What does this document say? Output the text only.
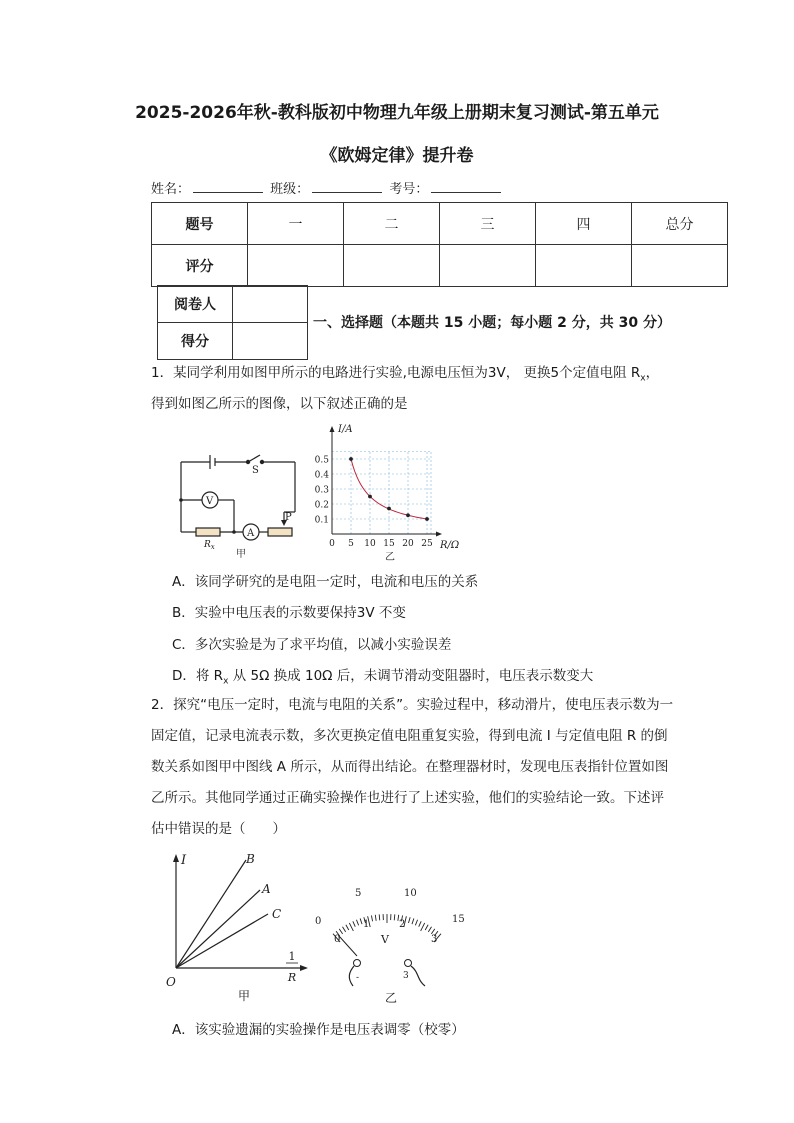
2025-2026年秋-教科版初中物理九年级上册期末复习测试-第五单元
《欧姆定律》提升卷
姓名：	班级：	考号：
题号	一	二	三	四	总分
评分					
阅卷人	
得分	
一、选择题（本题共 15 小题；每小题 2 分，共 30 分）
1．某同学利用如图甲所示的电路进行实验,电源电压恒为3V， 更换5个定值电阻 $R_x$，
得到如图乙所示的图像，以下叙述正确的是
S
V
A
P
$R_x$
甲
0.1
0.2
0.3
0.4
0.5
0 5 10 15 20 25
I/A
R/Ω
乙
A．该同学研究的是电阻一定时，电流和电压的关系
B．实验中电压表的示数要保持3V 不变
C．多次实验是为了求平均值，以减小实验误差
D．将 $R_x$ 从 5Ω 换成 10Ω 后，未调节滑动变阻器时，电压表示数变大
2．探究“电压一定时，电流与电阻的关系”。实验过程中，移动滑片，使电压表示数为一
固定值，记录电流表示数，多次更换定值电阻重复实验，得到电流 I 与定值电阻 R 的倒
数关系如图甲中图线 A 所示，从而得出结论。在整理器材时，发现电压表指针位置如图
乙所示。其他同学通过正确实验操作也进行了上述实验，他们的实验结论一致。下述评
估中错误的是（　　）
I	B
A
C
1
R
O
甲
0
5	10
15
0
1	2
3
V
-	3
乙
A．该实验遗漏的实验操作是电压表调零（校零）
